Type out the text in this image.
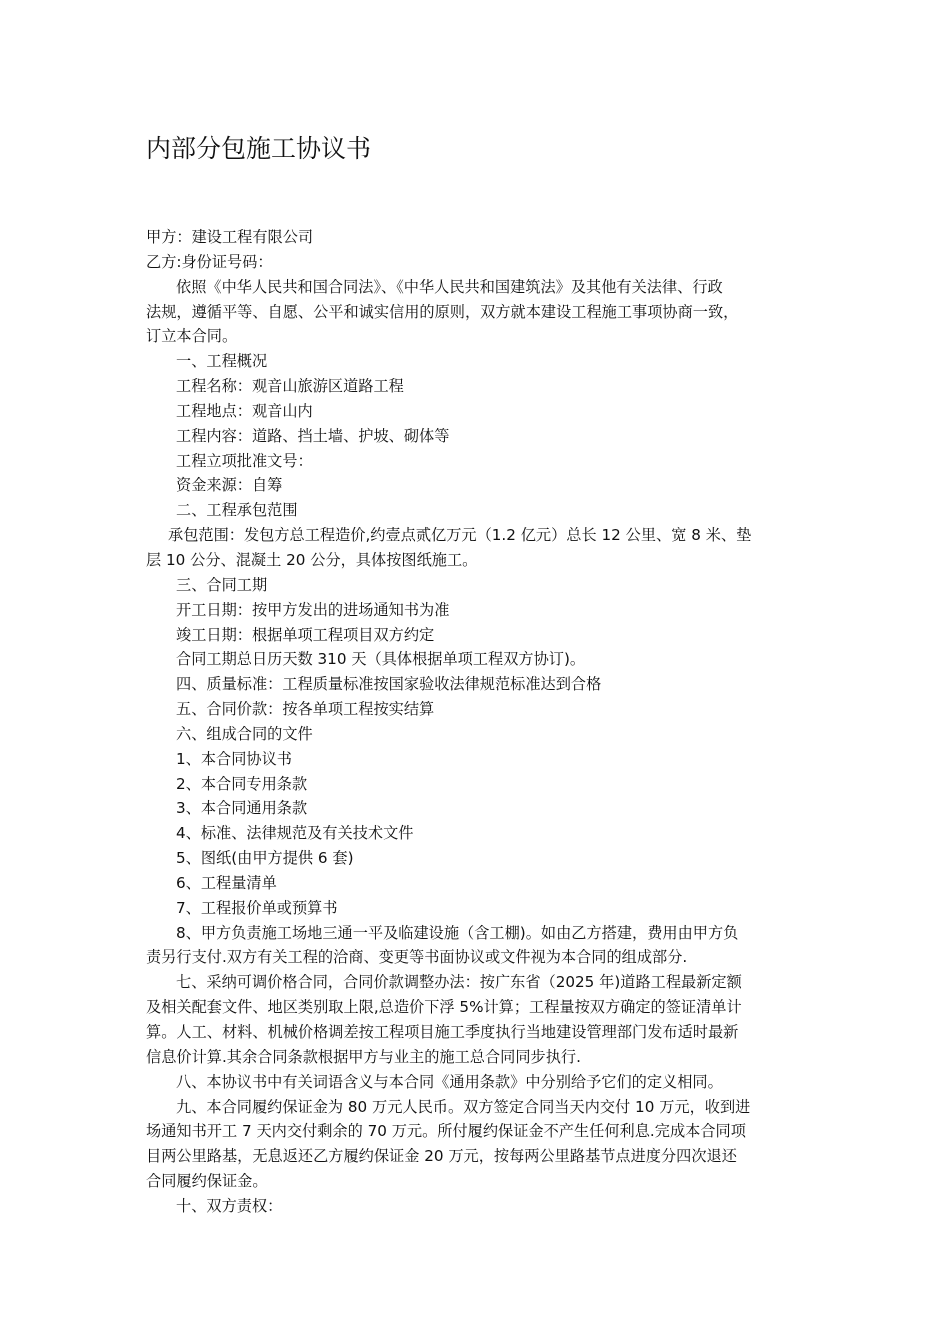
内部分包施工协议书

甲方：建设工程有限公司

乙方:身份证号码：

依照《中华人民共和国合同法》、《中华人民共和国建筑法》及其他有关法律、行政

法规，遵循平等、自愿、公平和诚实信用的原则，双方就本建设工程施工事项协商一致，

订立本合同。

一、工程概况

工程名称：观音山旅游区道路工程

工程地点：观音山内

工程内容：道路、挡土墙、护坡、砌体等

工程立项批准文号：

资金来源：自筹

二、工程承包范围

承包范围：发包方总工程造价,约壹点贰亿万元（1.2 亿元）总长 12 公里、宽 8 米、垫

层 10 公分、混凝土 20 公分，具体按图纸施工。

三、合同工期

开工日期：按甲方发出的进场通知书为准

竣工日期：根据单项工程项目双方约定

合同工期总日历天数 310 天（具体根据单项工程双方协订)。

四、质量标准：工程质量标准按国家验收法律规范标准达到合格

五、合同价款：按各单项工程按实结算

六、组成合同的文件

1、本合同协议书

2、本合同专用条款

3、本合同通用条款

4、标准、法律规范及有关技术文件

5、图纸(由甲方提供 6 套)

6、工程量清单

7、工程报价单或预算书

8、甲方负责施工场地三通一平及临建设施（含工棚)。如由乙方搭建，费用由甲方负

责另行支付.双方有关工程的洽商、变更等书面协议或文件视为本合同的组成部分.

七、采纳可调价格合同，合同价款调整办法：按广东省（2025 年)道路工程最新定额

及相关配套文件、地区类别取上限,总造价下浮 5%计算；工程量按双方确定的签证清单计

算。人工、材料、机械价格调差按工程项目施工季度执行当地建设管理部门发布适时最新

信息价计算.其余合同条款根据甲方与业主的施工总合同同步执行.

八、本协议书中有关词语含义与本合同《通用条款》中分别给予它们的定义相同。

九、本合同履约保证金为 80 万元人民币。双方签定合同当天内交付 10 万元，收到进

场通知书开工 7 天内交付剩余的 70 万元。所付履约保证金不产生任何利息.完成本合同项

目两公里路基，无息返还乙方履约保证金 20 万元，按每两公里路基节点进度分四次退还

合同履约保证金。

十、双方责权：
